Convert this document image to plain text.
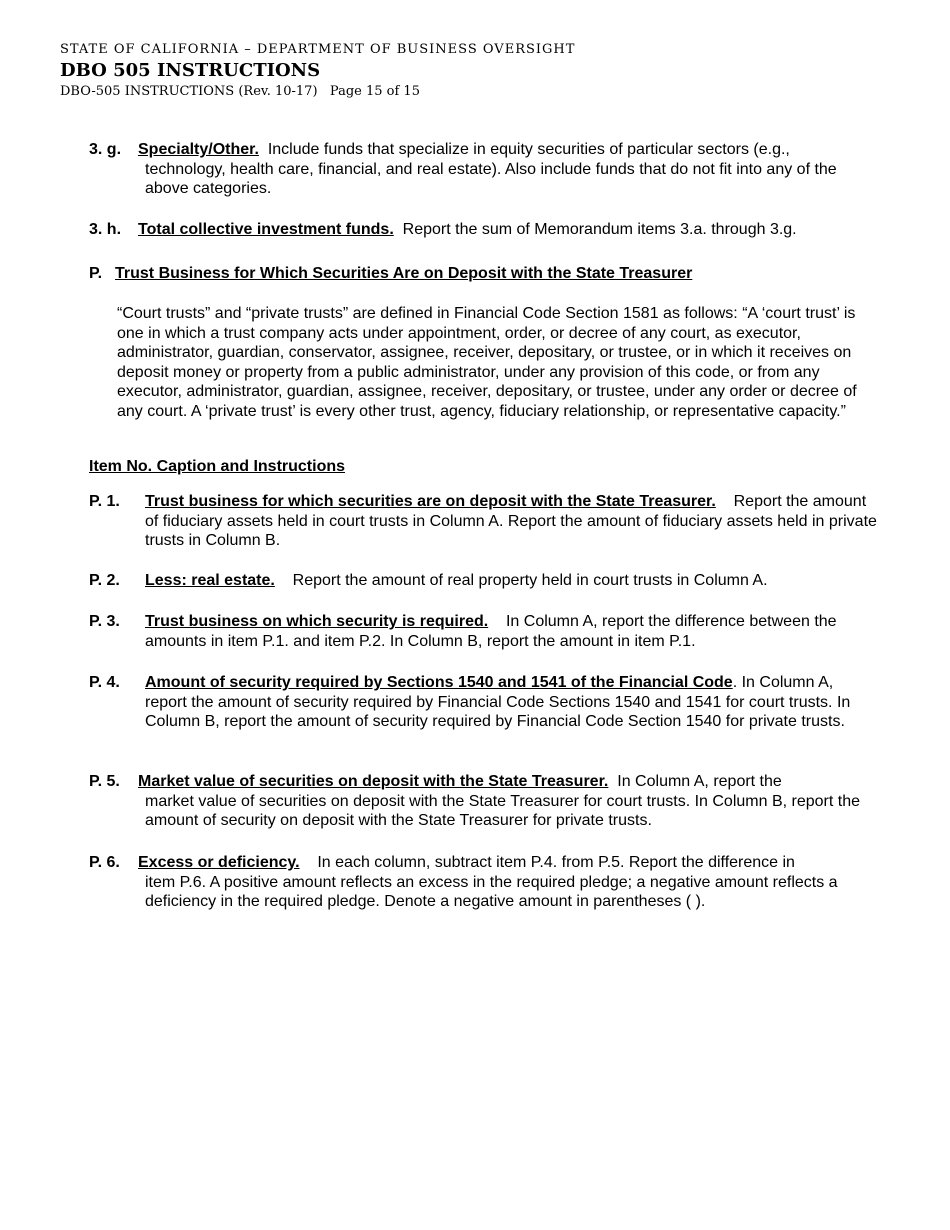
STATE OF CALIFORNIA – DEPARTMENT OF BUSINESS OVERSIGHT
DBO 505 INSTRUCTIONS
DBO-505 INSTRUCTIONS (Rev. 10-17) Page 15 of 15
3. g.	Specialty/Other. Include funds that specialize in equity securities of particular sectors (e.g.,

technology, health care, financial, and real estate). Also include funds that do not fit into any of the above categories.
3. h.	Total collective investment funds. Report the sum of Memorandum items 3.a. through 3.g.

P. Trust Business for Which Securities Are on Deposit with the State Treasurer

“Court trusts” and “private trusts” are defined in Financial Code Section 1581 as follows: “A ‘court trust’ is one in which a trust company acts under appointment, order, or decree of any court, as executor, administrator, guardian, conservator, assignee, receiver, depositary, or trustee, or in which it receives on deposit money or property from a public administrator, under any provision of this code, or from any executor, administrator, guardian, assignee, receiver, depositary, or trustee, under any order or decree of any court. A ‘private trust’ is every other trust, agency, fiduciary relationship, or representative capacity.”

Item No. Caption and Instructions
P. 1.	Trust business for which securities are on deposit with the State Treasurer. Report the amount of fiduciary assets held in court trusts in Column A. Report the amount of fiduciary assets held in private trusts in Column B.

P. 2.	Less: real estate. Report the amount of real property held in court trusts in Column A.

P. 3.	Trust business on which security is required. In Column A, report the difference between the amounts in item P.1. and item P.2. In Column B, report the amount in item P.1.

P. 4.	Amount of security required by Sections 1540 and 1541 of the Financial Code. In Column A, report the amount of security required by Financial Code Sections 1540 and 1541 for court trusts. In Column B, report the amount of security required by Financial Code Section 1540 for private trusts.

P. 5.	Market value of securities on deposit with the State Treasurer. In Column A, report the

market value of securities on deposit with the State Treasurer for court trusts. In Column B, report the amount of security on deposit with the State Treasurer for private trusts.
P. 6.	Excess or deficiency. In each column, subtract item P.4. from P.5. Report the difference in

item P.6. A positive amount reflects an excess in the required pledge; a negative amount reflects a deficiency in the required pledge. Denote a negative amount in parentheses ( ).
